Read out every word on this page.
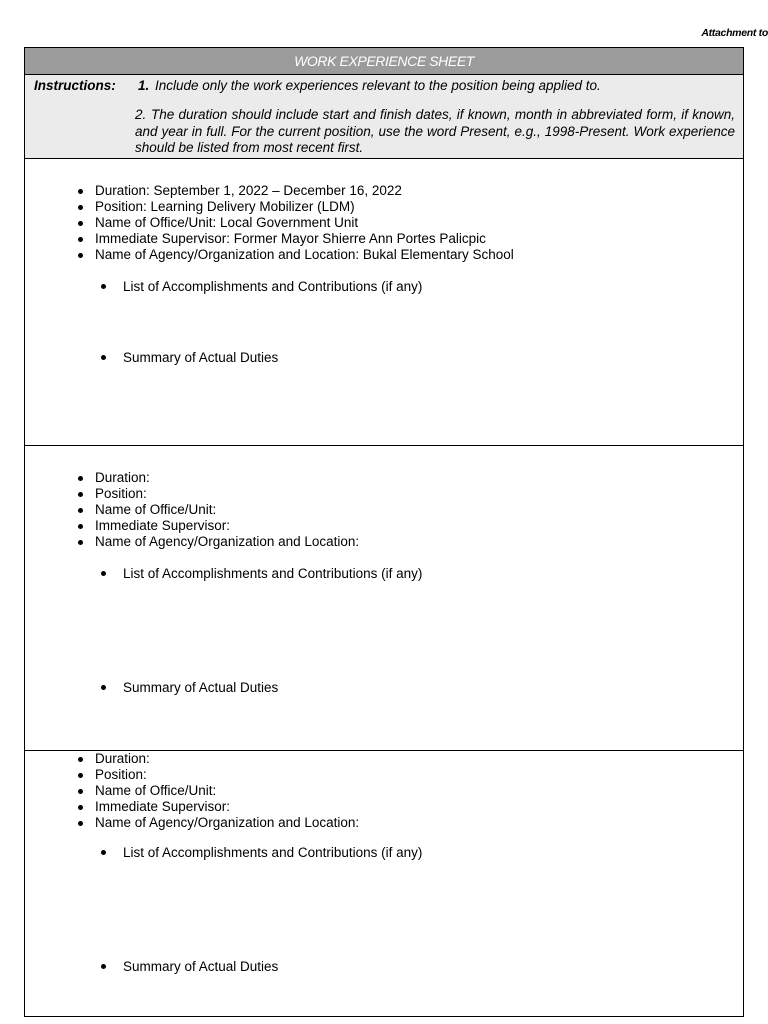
Attachment to
WORK EXPERIENCE SHEET
Instructions: 1. Include only the work experiences relevant to the position being applied to.
2. The duration should include start and finish dates, if known, month in abbreviated form, if known, and year in full. For the current position, use the word Present, e.g., 1998-Present. Work experience should be listed from most recent first.
Duration: September 1, 2022 – December 16, 2022
Position: Learning Delivery Mobilizer (LDM)
Name of Office/Unit: Local Government Unit
Immediate Supervisor: Former Mayor Shierre Ann Portes Palicpic
Name of Agency/Organization and Location: Bukal Elementary School
List of Accomplishments and Contributions (if any)
Summary of Actual Duties
Duration:
Position:
Name of Office/Unit:
Immediate Supervisor:
Name of Agency/Organization and Location:
List of Accomplishments and Contributions (if any)
Summary of Actual Duties
Duration:
Position:
Name of Office/Unit:
Immediate Supervisor:
Name of Agency/Organization and Location:
List of Accomplishments and Contributions (if any)
Summary of Actual Duties
